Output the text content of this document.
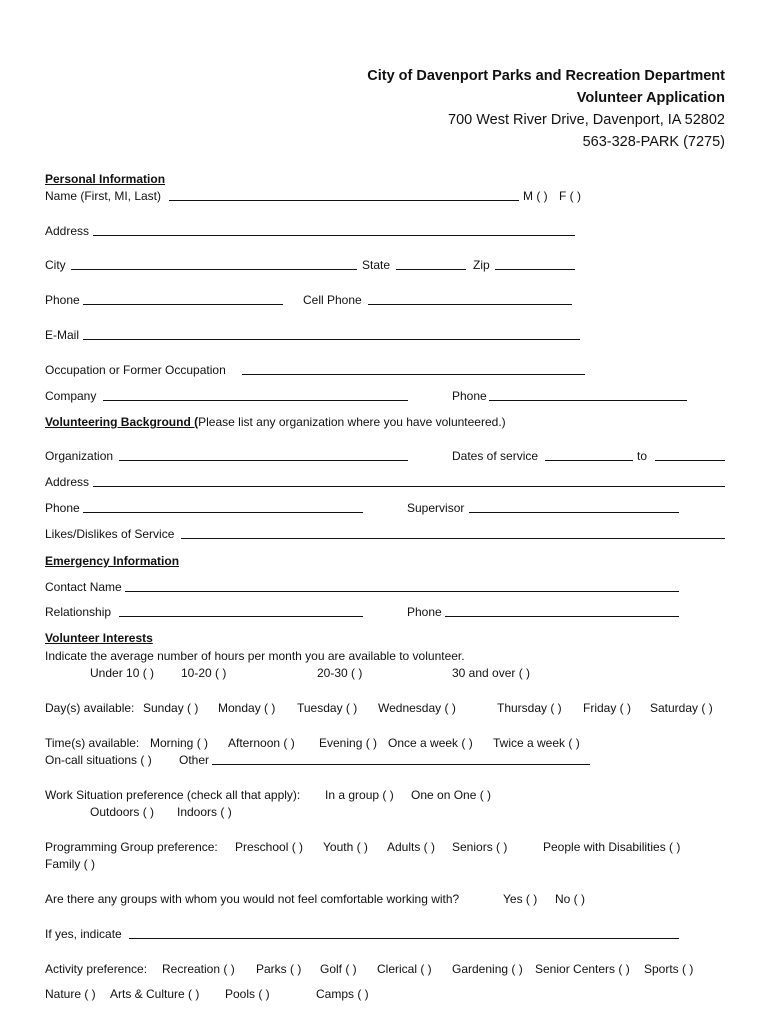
City of Davenport Parks and Recreation Department
Volunteer Application
700 West River Drive, Davenport, IA 52802
563-328-PARK (7275)
Personal Information
Name (First, MI, Last)	M ( ) F ( )
Address
City	State	Zip
Phone	Cell Phone
E-Mail
Occupation or Former Occupation
Company	Phone
Volunteering Background (Please list any organization where you have volunteered.)
Organization	Dates of service	to
Address
Phone	Supervisor
Likes/Dislikes of Service
Emergency Information
Contact Name
Relationship	Phone
Volunteer Interests
Indicate the average number of hours per month you are available to volunteer.
Under 10 ( ) 10-20 ( )	20-30 ( )	30 and over ( )
Day(s) available: Sunday ( ) Monday ( ) Tuesday ( ) Wednesday ( )	Thursday ( ) Friday ( ) Saturday ( )
Time(s) available: Morning ( ) Afternoon ( ) Evening ( ) Once a week ( ) Twice a week ( )
On-call situations ( ) Other
Work Situation preference (check all that apply): In a group ( ) One on One ( )
Outdoors ( ) Indoors ( )
Programming Group preference: Preschool ( ) Youth ( ) Adults ( ) Seniors ( )	People with Disabilities ( )
Family ( )
Are there any groups with whom you would not feel comfortable working with?	Yes ( ) No ( )
If yes, indicate
Activity preference: Recreation ( ) Parks ( ) Golf ( ) Clerical ( ) Gardening ( ) Senior Centers ( ) Sports ( )
Nature ( ) Arts & Culture ( ) Pools ( )	Camps ( )
